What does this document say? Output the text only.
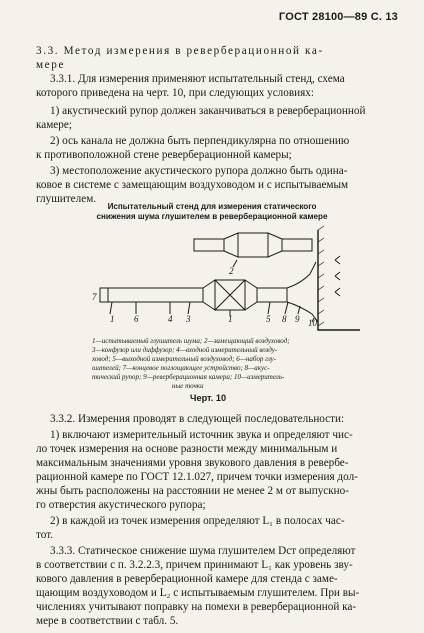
ГОСТ 28100—89 С. 13
3.3. Метод измерения в реверберационной ка-
мере
3.3.1. Для измерения применяют испытательный стенд, схема
которого приведена на черт. 10, при следующих условиях:
1) акустический рупор должен заканчиваться в реверберационной
камере;
2) ось канала не должна быть перпендикулярна по отношению
к противоположной стене реверберационной камеры;
3) местоположение акустического рупора должно быть одина-
ковое в системе с замещающим воздуховодом и с испытываемым
глушителем.
Испытательный стенд для измерения статического
снижения шума глушителем в реверберационной камере
1 6	4 3	1	5 8 9 10
2
7
1—испытываемый глушитель шума; 2—замещающий воздуховод;
3—конфузор или диффузор; 4—входной измерительный возду-
ховод; 5—выходной измерительный воздуховод; 6—набор глу-
шителей; 7—концевое поглощающее устройство; 8—акус-
тический рупор; 9—реверберационная камера; 10—измеритель-
ные точки
Черт. 10
3.3.2. Измерения проводят в следующей последовательности:
1) включают измерительный источник звука и определяют чис-
ло точек измерения на основе разности между минимальным и
максимальным значениями уровня звукового давления в ревербе-
рационной камере по ГОСТ 12.1.027, причем точки измерения дол-
жны быть расположены на расстоянии не менее 2 м от выпускно-
го отверстия акустического рупора;
2) в каждой из точек измерения определяют L₁ в полосах час-
тот.
3.3.3. Статическое снижение шума глушителем Dст определяют
в соответствии с п. 3.2.2.3, причем принимают L₁ как уровень зву-
кового давления в реверберационной камере для стенда с заме-
щающим воздуховодом и L₂ с испытываемым глушителем. При вы-
числениях учитывают поправку на помехи в реверберационной ка-
мере в соответствии с табл. 5.
